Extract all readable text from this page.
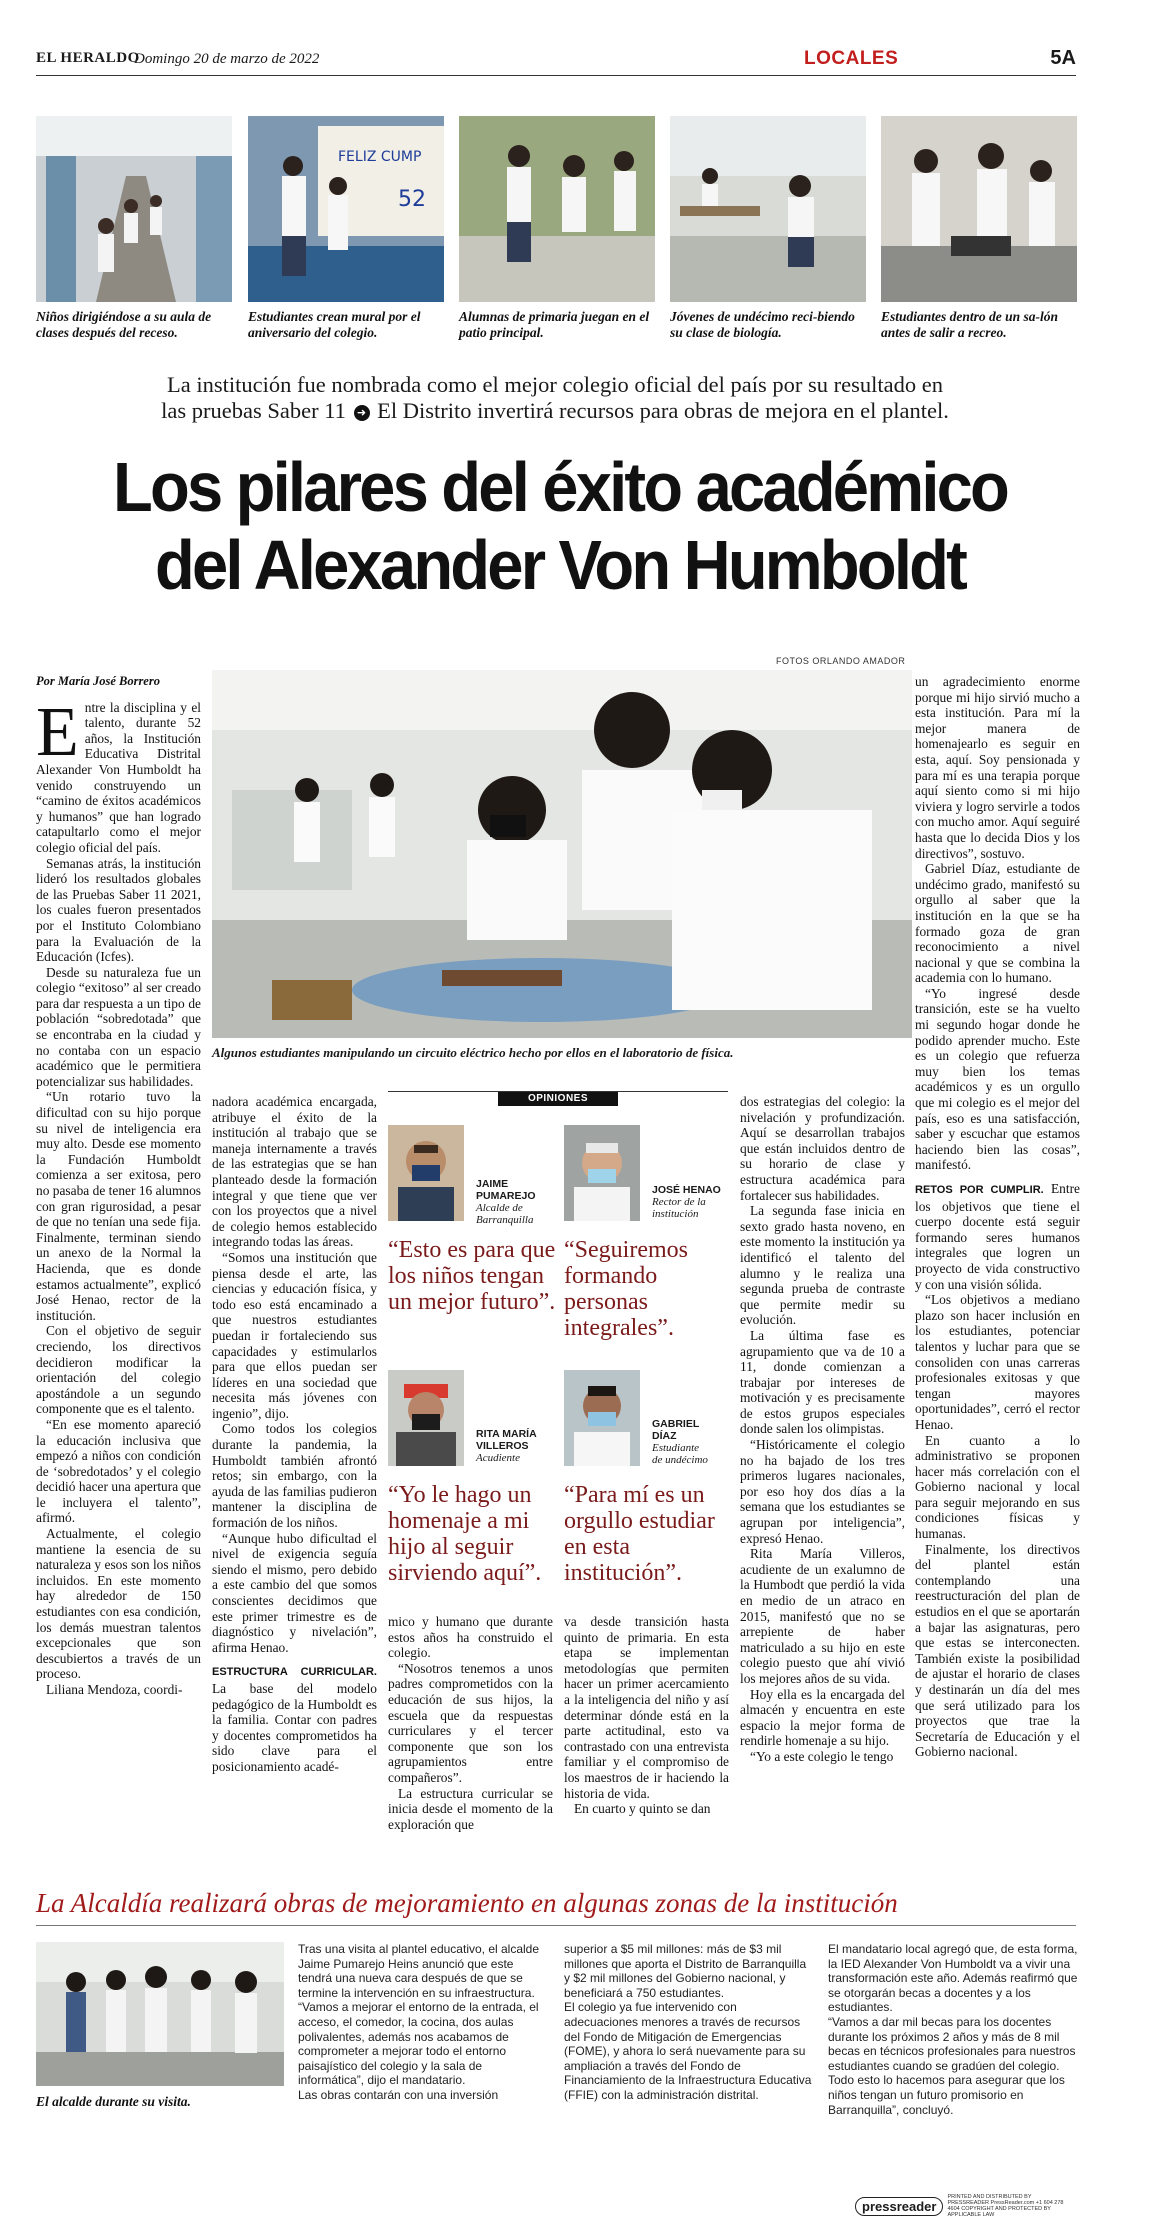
EL HERALDO
Domingo 20 de marzo de 2022	LOCALES	5A
FELIZ CUMP
52
Niños dirigiéndose a su aula de clases después del receso.
Estudiantes crean mural por el aniversario del colegio.
Alumnas de primaria juegan en el patio principal.
Jóvenes de undécimo reci-biendo su clase de biología.
Estudiantes dentro de un sa-lón antes de salir a recreo.
La institución fue nombrada como el mejor colegio oficial del país por su resultado en
las pruebas Saber 11 ➜ El Distrito invertirá recursos para obras de mejora en el plantel.
Los pilares del éxito académico
del Alexander Von Humboldt
FOTOS ORLANDO AMADOR
Algunos estudiantes manipulando un circuito eléctrico hecho por ellos en el laboratorio de física.
Por María José Borrero

Entre la disciplina y el talento, durante 52 años, la Institución Educativa Distrital Alexander Von Humboldt ha venido construyendo un “camino de éxitos académicos y humanos” que han logrado catapultarlo como el mejor colegio oficial del país.

Semanas atrás, la institución lideró los resultados globales de las Pruebas Saber 11 2021, los cuales fueron presentados por el Instituto Colombiano para la Evaluación de la Educación (Icfes).

Desde su naturaleza fue un colegio “exitoso” al ser creado para dar respuesta a un tipo de población “sobredotada” que se encontraba en la ciudad y no contaba con un espacio académico que le permitiera potencializar sus habilidades.

“Un rotario tuvo la dificultad con su hijo porque su nivel de inteligencia era muy alto. Desde ese momento la Fundación Humboldt comienza a ser exitosa, pero no pasaba de tener 16 alumnos con gran rigurosidad, a pesar de que no tenían una sede fija. Finalmente, terminan siendo un anexo de la Normal la Hacienda, que es donde estamos actualmente”, explicó José Henao, rector de la institución.

Con el objetivo de seguir creciendo, los directivos decidieron modificar la orientación del colegio apostándole a un segundo componente que es el talento.

“En ese momento apareció la educación inclusiva que empezó a niños con condición de ‘sobredotados’ y el colegio decidió hacer una apertura que le incluyera el talento”, afirmó.

Actualmente, el colegio mantiene la esencia de su naturaleza y esos son los niños incluidos. En este momento hay alrededor de 150 estudiantes con esa condición, los demás muestran talentos excepcionales que son descubiertos a través de un proceso.

Liliana Mendoza, coordi-

nadora académica encargada, atribuye el éxito de la institución al trabajo que se maneja internamente a través de las estrategias que se han planteado desde la formación integral y que tiene que ver con los proyectos que a nivel de colegio hemos establecido integrando todas las áreas.

“Somos una institución que piensa desde el arte, las ciencias y educación física, y todo eso está encaminado a que nuestros estudiantes puedan ir fortaleciendo sus capacidades y estimularlos para que ellos puedan ser líderes en una sociedad que necesita más jóvenes con ingenio”, dijo.

Como todos los colegios durante la pandemia, la Humboldt también afrontó retos; sin embargo, con la ayuda de las familias pudieron mantener la disciplina de formación de los niños.

“Aunque hubo dificultad el nivel de exigencia seguía siendo el mismo, pero debido a este cambio del que somos conscientes decidimos que este primer trimestre es de diagnóstico y nivelación”, afirma Henao.

ESTRUCTURA CURRICULAR. La base del modelo pedagógico de la Humboldt es la familia. Contar con padres y docentes comprometidos ha sido clave para el posicionamiento acadé-

OPINIONES
JAIME
PUMAREJO
Alcalde de
Barranquilla
“Esto es para que los niños tengan un mejor futuro”.
JOSÉ HENAO
Rector de la
institución
“Seguiremos formando personas integrales”.
RITA MARÍA
VILLEROS
Acudiente
“Yo le hago un homenaje a mi hijo al seguir sirviendo aquí”.
GABRIEL
DÍAZ
Estudiante
de undécimo
“Para mí es un orgullo estudiar en esta institución”.

mico y humano que durante estos años ha construido el colegio.

“Nosotros tenemos a unos padres comprometidos con la educación de sus hijos, la escuela que da respuestas curriculares y el tercer componente que son los agrupamientos entre compañeros”.

La estructura curricular se inicia desde el momento de la exploración que

va desde transición hasta quinto de primaria. En esta etapa se implementan metodologías que permiten hacer un primer acercamiento a la inteligencia del niño y así determinar dónde está en la parte actitudinal, esto va contrastado con una entrevista familiar y el compromiso de los maestros de ir haciendo la historia de vida.

En cuarto y quinto se dan

dos estrategias del colegio: la nivelación y profundización. Aquí se desarrollan trabajos que están incluidos dentro de su horario de clase y estructura académica para fortalecer sus habilidades.

La segunda fase inicia en sexto grado hasta noveno, en este momento la institución ya identificó el talento del alumno y le realiza una segunda prueba de contraste que permite medir su evolución.

La última fase es agrupamiento que va de 10 a 11, donde comienzan a trabajar por intereses de motivación y es precisamente de estos grupos especiales donde salen los olimpistas.

“Históricamente el colegio no ha bajado de los tres primeros lugares nacionales, por eso hoy dos días a la semana que los estudiantes se agrupan por inteligencia”, expresó Henao.

Rita María Villeros, acudiente de un exalumno de la Humbodt que perdió la vida en medio de un atraco en 2015, manifestó que no se arrepiente de haber matriculado a su hijo en este colegio puesto que ahí vivió los mejores años de su vida.

Hoy ella es la encargada del almacén y encuentra en este espacio la mejor forma de rendirle homenaje a su hijo.

“Yo a este colegio le tengo

un agradecimiento enorme porque mi hijo sirvió mucho a esta institución. Para mí la mejor manera de homenajearlo es seguir en esta, aquí. Soy pensionada y para mí es una terapia porque aquí siento como si mi hijo viviera y logro servirle a todos con mucho amor. Aquí seguiré hasta que lo decida Dios y los directivos”, sostuvo.

Gabriel Díaz, estudiante de undécimo grado, manifestó su orgullo al saber que la institución en la que se ha formado goza de gran reconocimiento a nivel nacional y que se combina la academia con lo humano.

“Yo ingresé desde transición, este se ha vuelto mi segundo hogar donde he podido aprender mucho. Este es un colegio que refuerza muy bien los temas académicos y es un orgullo que mi colegio es el mejor del país, eso es una satisfacción, saber y escuchar que estamos haciendo bien las cosas”, manifestó.

RETOS POR CUMPLIR. Entre los objetivos que tiene el cuerpo docente está seguir formando seres humanos integrales que logren un proyecto de vida constructivo y con una visión sólida.

“Los objetivos a mediano plazo son hacer inclusión en los estudiantes, potenciar talentos y luchar para que se consoliden con unas carreras profesionales exitosas y que tengan mayores oportunidades”, cerró el rector Henao.

En cuanto a lo administrativo se proponen hacer más correlación con el Gobierno nacional y local para seguir mejorando en sus condiciones físicas y humanas.

Finalmente, los directivos del plantel están contemplando una reestructuración del plan de estudios en el que se aportarán a bajar las asignaturas, pero que estas se interconecten. También existe la posibilidad de ajustar el horario de clases y destinarán un día del mes que será utilizado para los proyectos que trae la Secretaría de Educación y el Gobierno nacional.

La Alcaldía realizará obras de mejoramiento en algunas zonas de la institución
El alcalde durante su visita.
Tras una visita al plantel educativo, el alcalde Jaime Pumarejo Heins anunció que este tendrá una nueva cara después de que se termine la intervención en su infraestructura. “Vamos a mejorar el entorno de la entrada, el acceso, el comedor, la cocina, dos aulas polivalentes, además nos acabamos de comprometer a mejorar todo el entorno paisajístico del colegio y la sala de informática”, dijo el mandatario.
Las obras contarán con una inversión
superior a $5 mil millones: más de $3 mil millones que aporta el Distrito de Barranquilla y $2 mil millones del Gobierno nacional, y beneficiará a 750 estudiantes.
El colegio ya fue intervenido con adecuaciones menores a través de recursos del Fondo de Mitigación de Emergencias (FOME), y ahora lo será nuevamente para su ampliación a través del Fondo de Financiamiento de la Infraestructura Educativa (FFIE) con la administración distrital.
El mandatario local agregó que, de esta forma, la IED Alexander Von Humboldt va a vivir una transformación este año. Además reafirmó que se otorgarán becas a docentes y a los estudiantes.
“Vamos a dar mil becas para los docentes durante los próximos 2 años y más de 8 mil becas en técnicos profesionales para nuestros estudiantes cuando se gradúen del colegio. Todo esto lo hacemos para asegurar que los niños tengan un futuro promisorio en Barranquilla”, concluyó.
pressreader
PRINTED AND DISTRIBUTED BY PRESSREADER PressReader.com +1 604 278 4604 COPYRIGHT AND PROTECTED BY APPLICABLE LAW
